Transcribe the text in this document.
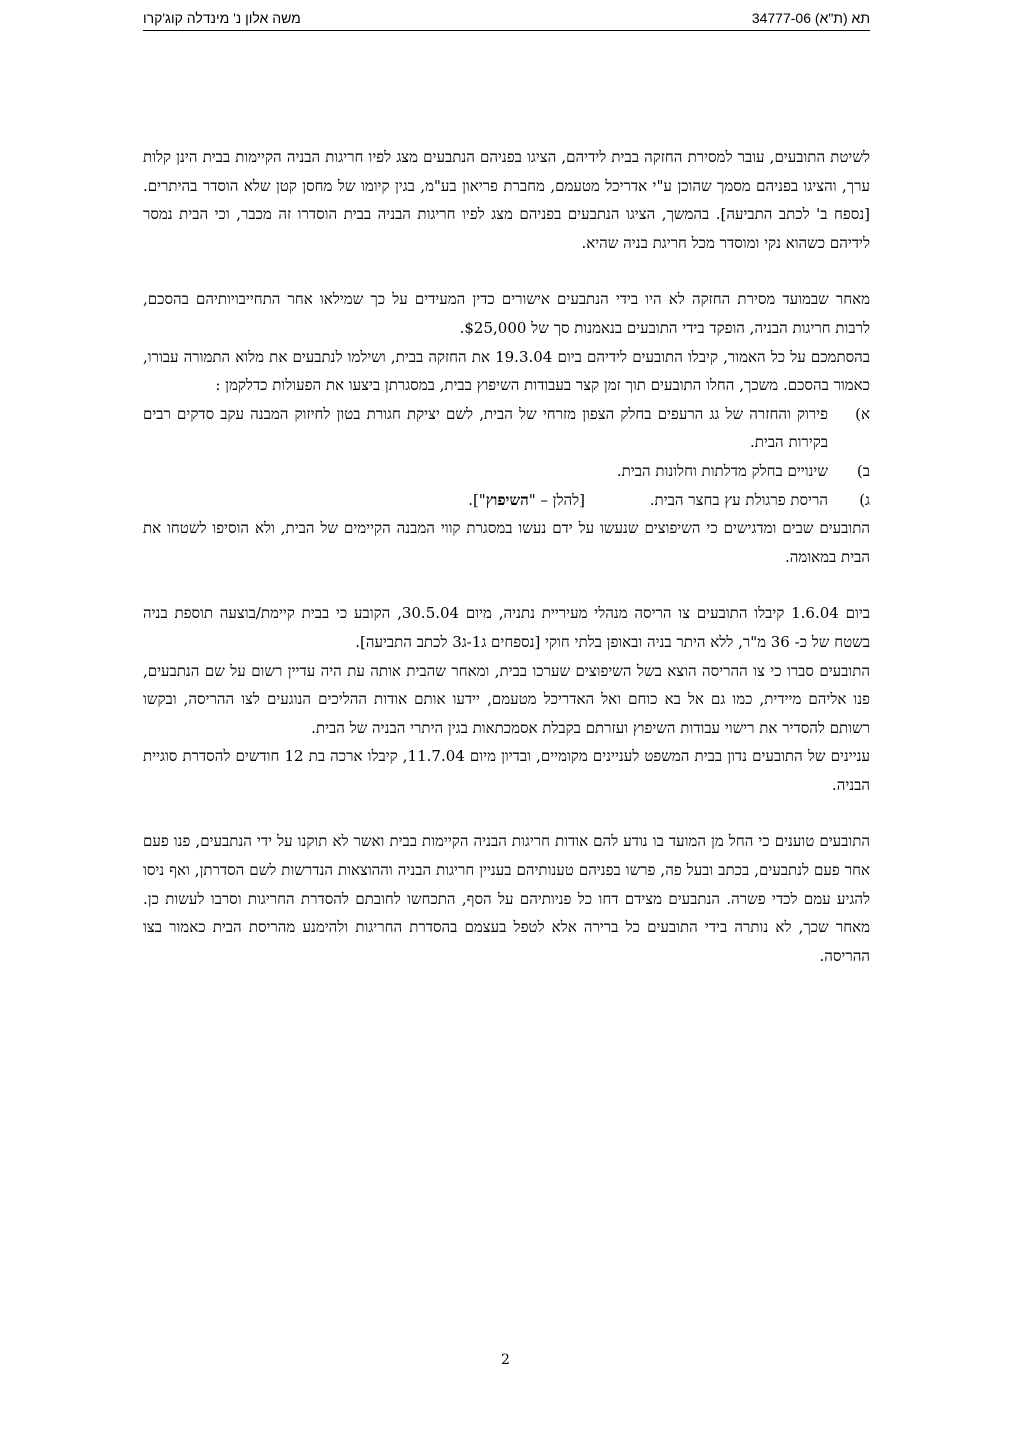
תא (ת"א) 34777-06
משה אלון נ' מינדלה קוג'קרו

לשיטת התובעים, עובר למסירת החזקה בבית לידיהם, הציגו בפניהם הנתבעים מצג לפיו חריגות הבניה הקיימות בבית הינן קלות ערך, והציגו בפניהם מסמך שהוכן ע"י אדריכל מטעמם, מחברת פריאון בע"מ, בגין קיומו של מחסן קטן שלא הוסדר בהיתרים. [נספח ב' לכתב התביעה]. בהמשך, הציגו הנתבעים בפניהם מצג לפיו חריגות הבניה בבית הוסדרו זה מכבר, וכי הבית נמסר לידיהם כשהוא נקי ומוסדר מכל חריגת בניה שהיא.

מאחר שבמועד מסירת החזקה לא היו בידי הנתבעים אישורים כדין המעידים על כך שמילאו אחר התחייבויותיהם בהסכם, לרבות חריגות הבניה, הופקד בידי התובעים בנאמנות סך של $25,000.

בהסתמכם על כל האמור, קיבלו התובעים לידיהם ביום 19.3.04 את החזקה בבית, ושילמו לנתבעים את מלוא התמורה עבורו, כאמור בהסכם. משכך, החלו התובעים תוך זמן קצר בעבודות השיפוץ בבית, במסגרתן ביצעו את הפעולות כדלקמן :

א)
פירוק והחזרה של גג הרעפים בחלק הצפון מזרחי של הבית, לשם יציקת חגורת בטון לחיזוק המבנה עקב סדקים רבים בקירות הבית.
ב)
שינויים בחלק מדלתות וחלונות הבית.
ג)
הריסת פרגולת עץ בחצר הבית. [להלן – "השיפוץ"].

התובעים שבים ומדגישים כי השיפוצים שנעשו על ידם נעשו במסגרת קווי המבנה הקיימים של הבית, ולא הוסיפו לשטחו את הבית במאומה.

ביום 1.6.04 קיבלו התובעים צו הריסה מנהלי מעיריית נתניה, מיום 30.5.04, הקובע כי בבית קיימת/בוצעה תוספת בניה בשטח של כ- 36 מ"ר, ללא היתר בניה ובאופן בלתי חוקי [נספחים ג1-ג3 לכתב התביעה].

התובעים סברו כי צו ההריסה הוצא בשל השיפוצים שערכו בבית, ומאחר שהבית אותה עת היה עדיין רשום על שם הנתבעים, פנו אליהם מיידית, כמו גם אל בא כוחם ואל האדריכל מטעמם, יידעו אותם אודות ההליכים הנוגעים לצו ההריסה, ובקשו רשותם להסדיר את רישוי עבודות השיפוץ ועזרתם בקבלת אסמכתאות בגין היתרי הבניה של הבית.

עניינים של התובעים נדון בבית המשפט לעניינים מקומיים, ובדיון מיום 11.7.04, קיבלו ארכה בת 12 חודשים להסדרת סוגיית הבניה.

התובעים טוענים כי החל מן המועד בו נודע להם אודות חריגות הבניה הקיימות בבית ואשר לא תוקנו על ידי הנתבעים, פנו פעם אחר פעם לנתבעים, בכתב ובעל פה, פרשו בפניהם טענותיהם בעניין חריגות הבניה וההוצאות הנדרשות לשם הסדרתן, ואף ניסו להגיע עמם לכדי פשרה. הנתבעים מצידם דחו כל פניותיהם על הסף, התכחשו לחובתם להסדרת החריגות וסרבו לעשות כן. מאחר שכך, לא נותרה בידי התובעים כל ברירה אלא לטפל בעצמם בהסדרת החריגות ולהימנע מהריסת הבית כאמור בצו ההריסה.

2
